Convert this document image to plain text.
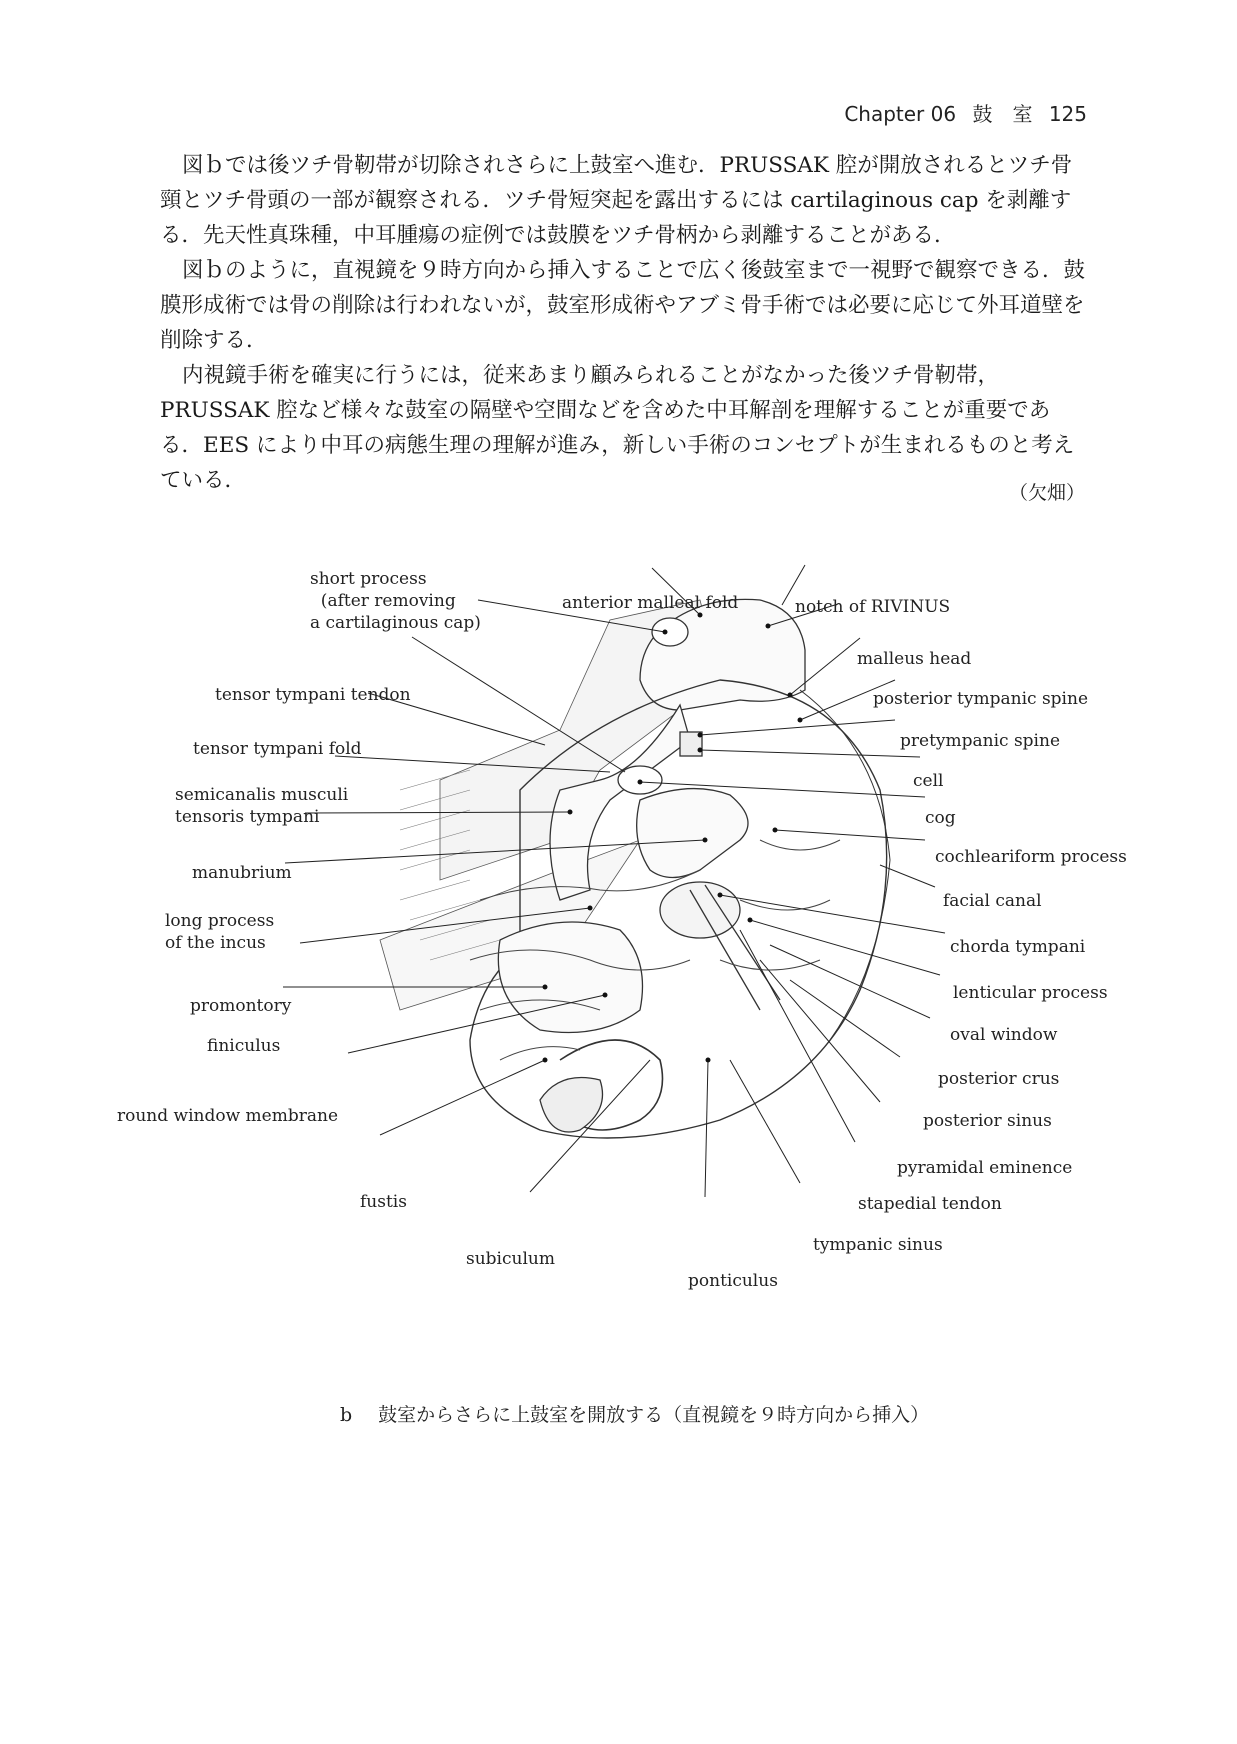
Chapter 06 鼓　室 125

図ｂでは後ツチ骨靭帯が切除されさらに上鼓室へ進む．PRUSSAK 腔が開放されるとツチ骨頸とツチ骨頭の一部が観察される．ツチ骨短突起を露出するには cartilaginous cap を剥離する．先天性真珠種，中耳腫瘍の症例では鼓膜をツチ骨柄から剥離することがある．

図ｂのように，直視鏡を９時方向から挿入することで広く後鼓室まで一視野で観察できる．鼓膜形成術では骨の削除は行われないが，鼓室形成術やアブミ骨手術では必要に応じて外耳道壁を削除する．

内視鏡手術を確実に行うには，従来あまり顧みられることがなかった後ツチ骨靭帯，PRUSSAK 腔など様々な鼓室の隔壁や空間などを含めた中耳解剖を理解することが重要である．EES により中耳の病態生理の理解が進み，新しい手術のコンセプトが生まれるものと考えている．	（欠畑）
short process
(after removing
a cartilaginous cap)
anterior malleal fold	notch of RIVINUS
malleus head
tensor tympani tendon	posterior tympanic spine
tensor tympani fold	pretympanic spine
semicanalis musculi
tensoris tympani
cell
cog
cochleariform process
manubrium
facial canal
long process
of the incus	chorda tympani
lenticular process
promontory
oval window
finiculus
posterior crus
round window membrane	posterior sinus
pyramidal eminence
fustis	stapedial tendon
subiculum
tympanic sinus
ponticulus
b 鼓室からさらに上鼓室を開放する（直視鏡を９時方向から挿入）
